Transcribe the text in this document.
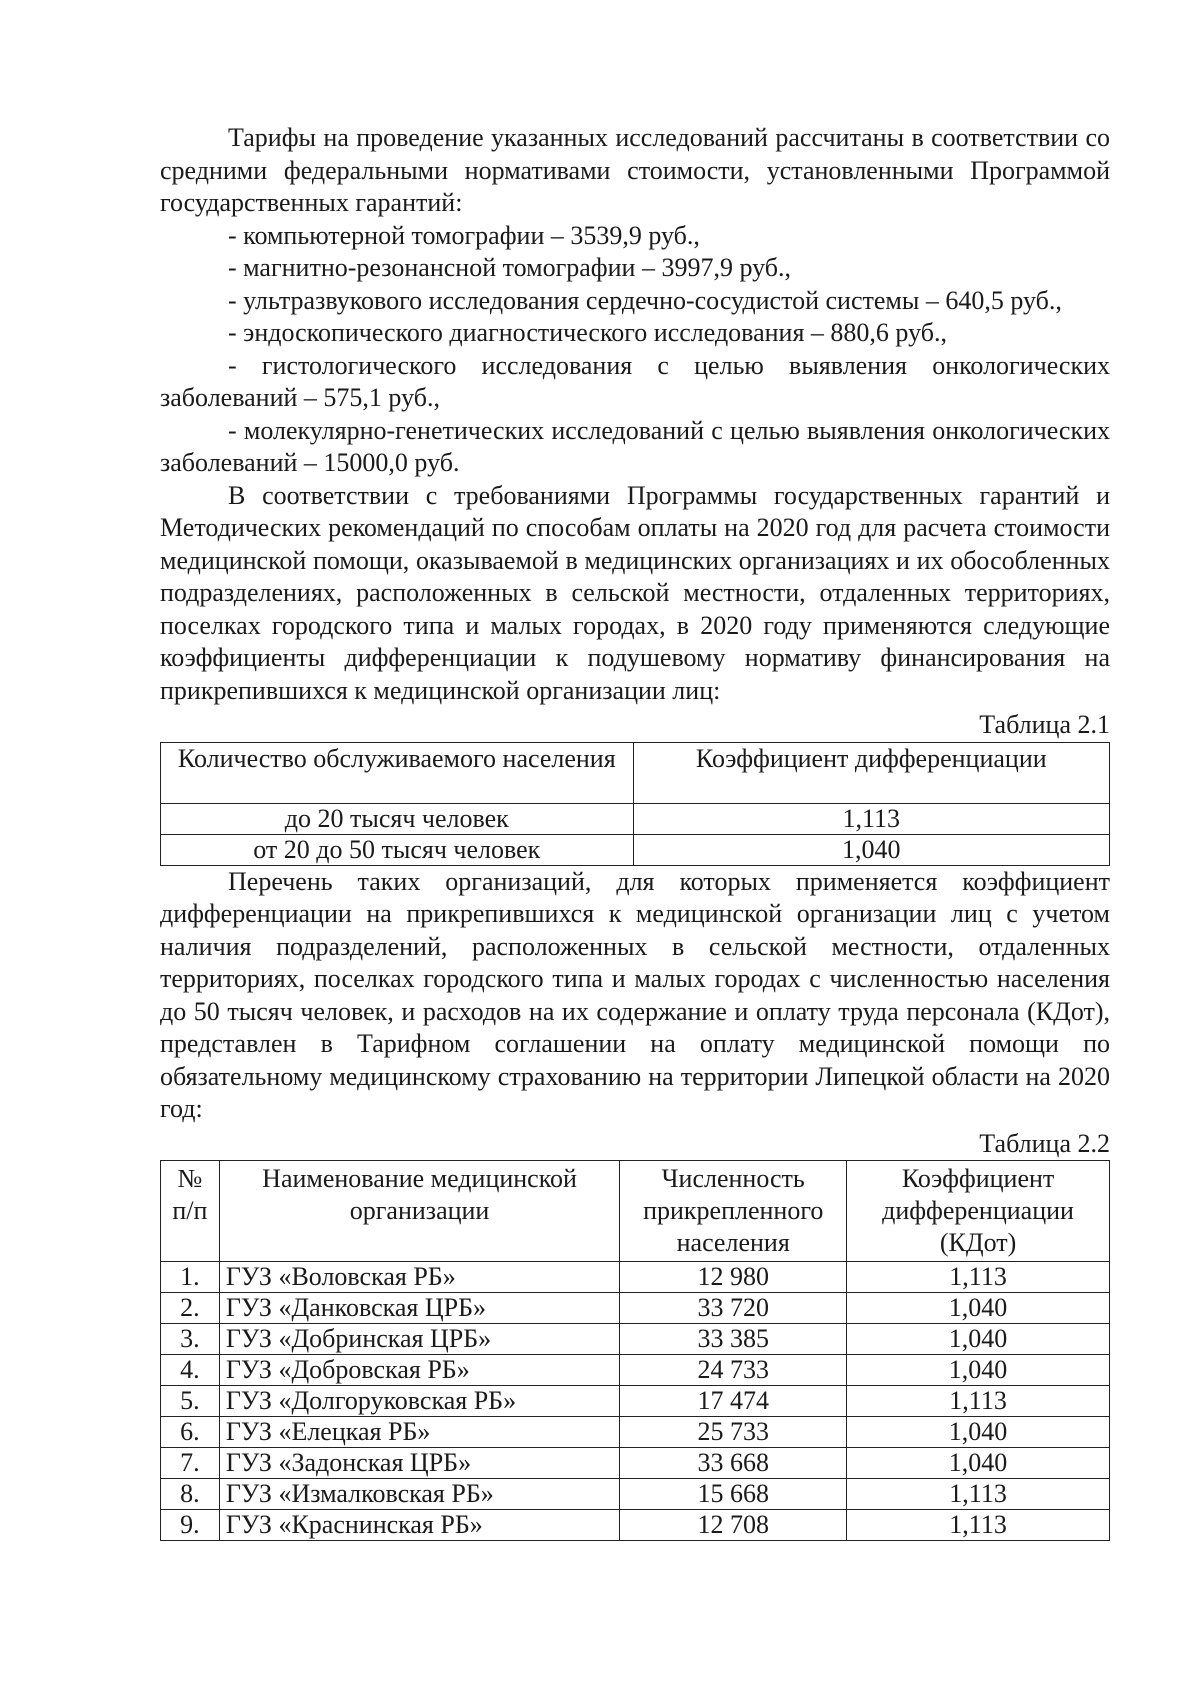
Тарифы на проведение указанных исследований рассчитаны в соответствии со средними федеральными нормативами стоимости, установленными Программой государственных гарантий:

- компьютерной томографии – 3539,9 руб.,

- магнитно-резонансной томографии – 3997,9 руб.,

- ультразвукового исследования сердечно-сосудистой системы – 640,5 руб.,

- эндоскопического диагностического исследования – 880,6 руб.,

- гистологического исследования с целью выявления онкологических заболеваний – 575,1 руб.,

- молекулярно-генетических исследований с целью выявления онкологических заболеваний – 15000,0 руб.

В соответствии с требованиями Программы государственных гарантий и Методических рекомендаций по способам оплаты на 2020 год для расчета стоимости медицинской помощи, оказываемой в медицинских организациях и их обособленных подразделениях, расположенных в сельской местности, отдаленных территориях, поселках городского типа и малых городах, в 2020 году применяются следующие коэффициенты дифференциации к подушевому нормативу финансирования на прикрепившихся к медицинской организации лиц:

Таблица 2.1

Количество обслуживаемого населения	Коэффициент дифференциации
до 20 тысяч человек	1,113
от 20 до 50 тысяч человек	1,040

Перечень таких организаций, для которых применяется коэффициент дифференциации на прикрепившихся к медицинской организации лиц с учетом наличия подразделений, расположенных в сельской местности, отдаленных территориях, поселках городского типа и малых городах с численностью населения до 50 тысяч человек, и расходов на их содержание и оплату труда персонала (КДот), представлен в Тарифном соглашении на оплату медицинской помощи по обязательному медицинскому страхованию на территории Липецкой области на 2020 год:

Таблица 2.2

№ п/п	Наименование медицинской организации	Численность прикрепленного населения	Коэффициент дифференциации (КДот)
1.	ГУЗ «Воловская РБ»	12 980	1,113
2.	ГУЗ «Данковская ЦРБ»	33 720	1,040
3.	ГУЗ «Добринская ЦРБ»	33 385	1,040
4.	ГУЗ «Добровская РБ»	24 733	1,040
5.	ГУЗ «Долгоруковская РБ»	17 474	1,113
6.	ГУЗ «Елецкая РБ»	25 733	1,040
7.	ГУЗ «Задонская ЦРБ»	33 668	1,040
8.	ГУЗ «Измалковская РБ»	15 668	1,113
9.	ГУЗ «Краснинская РБ»	12 708	1,113
